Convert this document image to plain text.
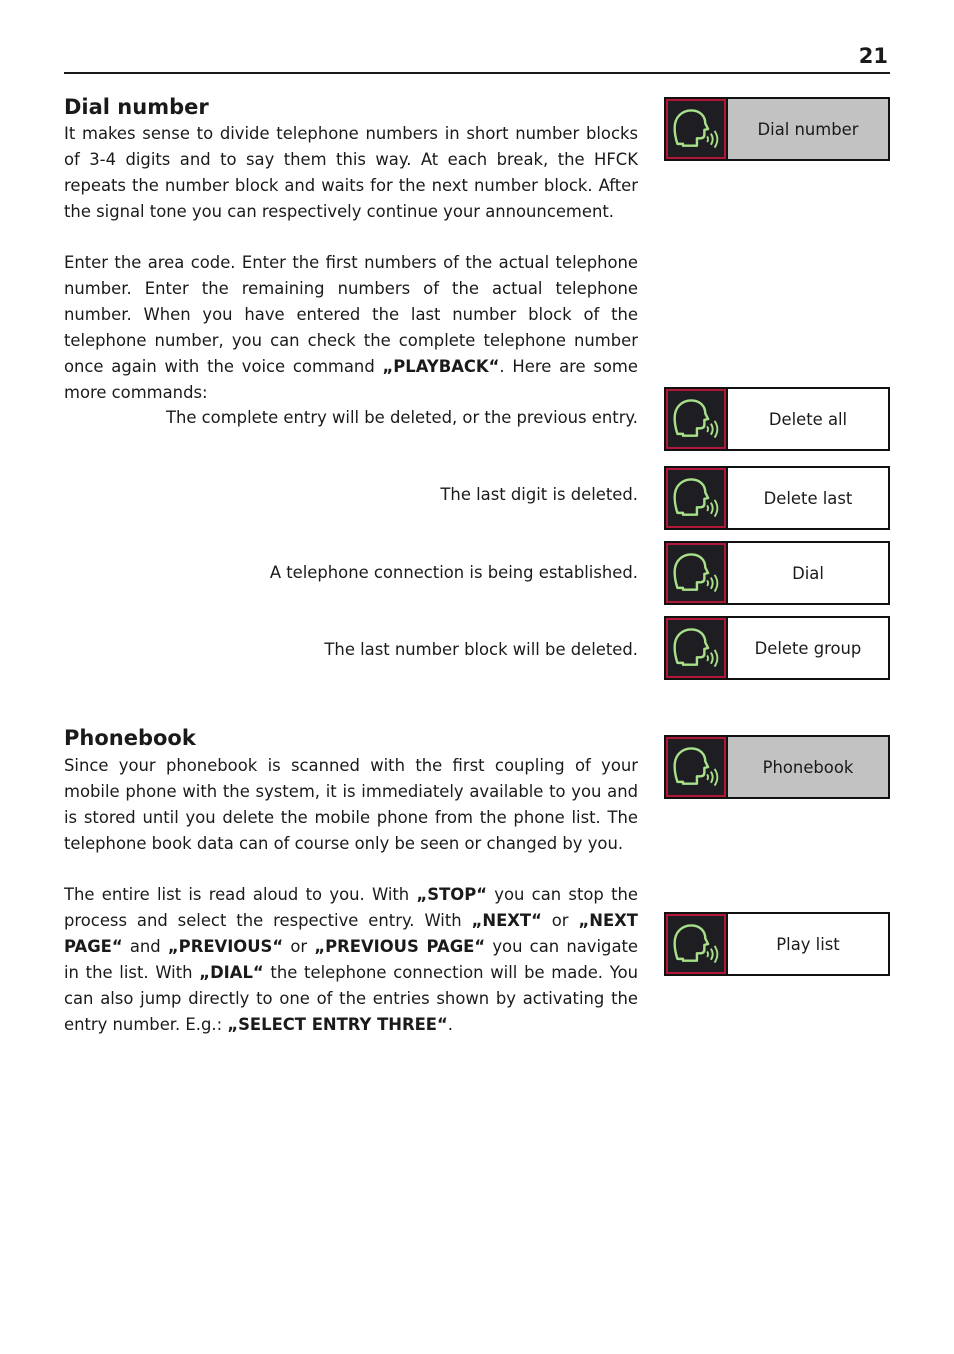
21
Dial number

It makes sense to divide telephone numbers in short number blocks of 3-4 digits and to say them this way. At each break, the HFCK repeats the number block and waits for the next number block. After the signal tone you can respectively continue your announcement.

Enter the area code. Enter the first numbers of the actual telephone number. Enter the remaining numbers of the actual telephone number. When you have entered the last number block of the telephone number, you can check the complete telephone number once again with the voice command „PLAYBACK“. Here are some more commands:

Dial number

The complete entry will be deleted, or the previous entry.	Delete all

The last digit is deleted.	Delete last

A telephone connection is being established.	Dial

The last number block will be deleted.	Delete group
Phonebook

Since your phonebook is scanned with the first coupling of your mobile phone with the system, it is immediately available to you and is stored until you delete the mobile phone from the phone list. The telephone book data can of course only be seen or changed by you.

The entire list is read aloud to you. With „STOP“ you can stop the process and select the respective entry. With „NEXT“ or „NEXT PAGE“ and „PREVIOUS“ or „PREVIOUS PAGE“ you can navigate in the list. With „DIAL“ the telephone connection will be made. You can also jump directly to one of the entries shown by activating the entry number. E.g.: „SELECT ENTRY THREE“.

Phonebook
Play list
